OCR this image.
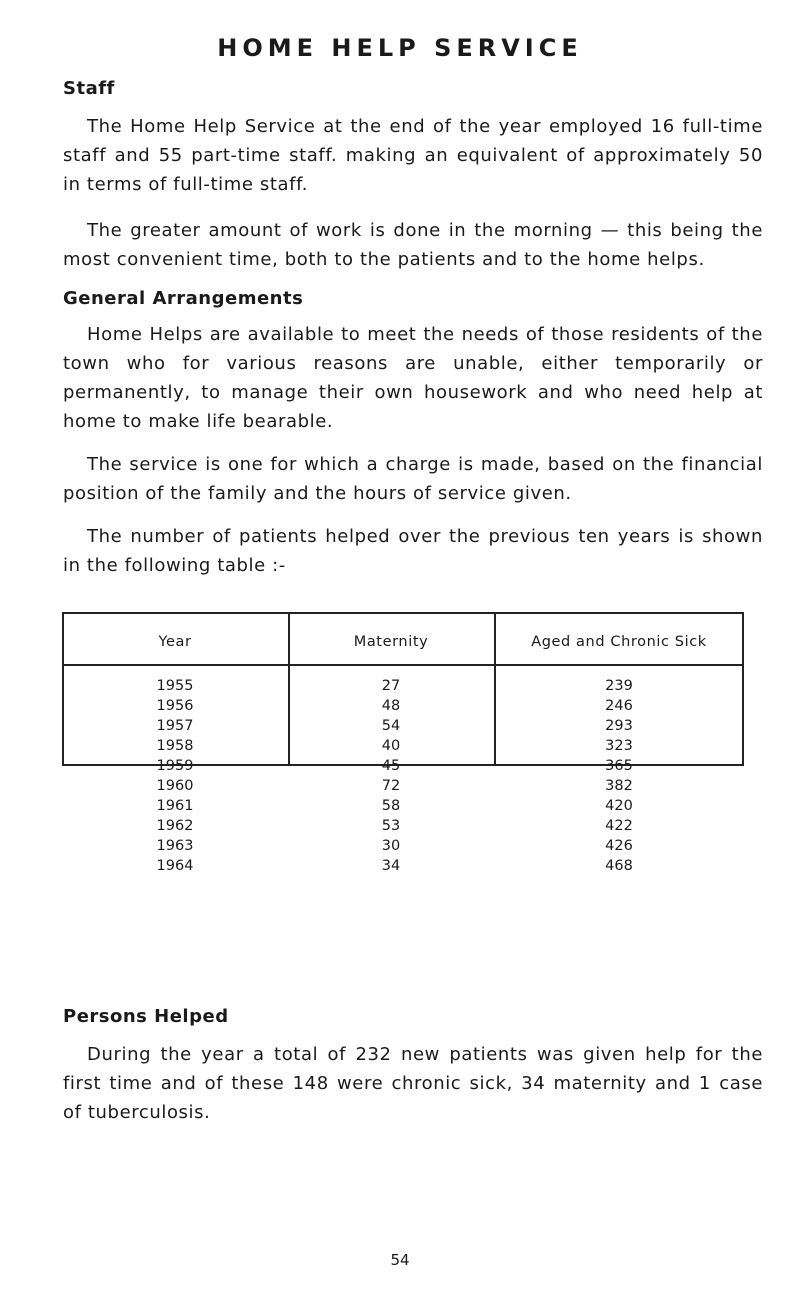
HOME HELP SERVICE
Staff
The Home Help Service at the end of the year employed 16 full-time staff and 55 part-time staff. making an equivalent of approximately 50 in terms of full-time staff.
The greater amount of work is done in the morning — this being the most convenient time, both to the patients and to the home helps.
General Arrangements
Home Helps are available to meet the needs of those residents of the town who for various reasons are unable, either temporarily or permanently, to manage their own housework and who need help at home to make life bearable.
The service is one for which a charge is made, based on the financial position of the family and the hours of service given.
The number of patients helped over the previous ten years is shown in the following table :-
Year	Maternity	Aged and Chronic Sick
1955	27	239
1956	48	246
1957	54	293
1958	40	323
1959	45	365
1960	72	382
1961	58	420
1962	53	422
1963	30	426
1964	34	468
Persons Helped
During the year a total of 232 new patients was given help for the first time and of these 148 were chronic sick, 34 maternity and 1 case of tuberculosis.
54
